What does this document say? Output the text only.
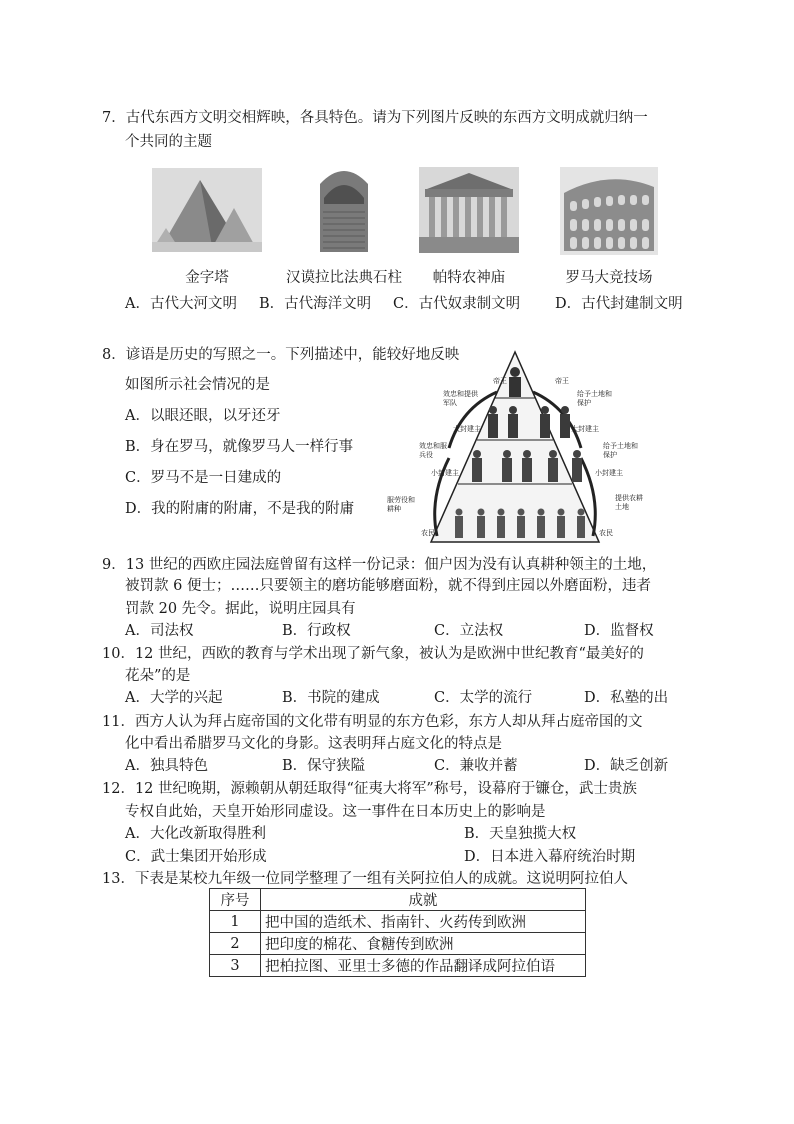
7．古代东西方文明交相辉映，各具特色。请为下列图片反映的东西方文明成就归纳一
个共同的主题
金字塔	汉谟拉比法典石柱	帕特农神庙	罗马大竞技场
A．古代大河文明 B．古代海洋文明 C．古代奴隶制文明 D．古代封建制文明
8．谚语是历史的写照之一。下列描述中，能较好地反映
如图所示社会情况的是
A．以眼还眼，以牙还牙
B．身在罗马，就像罗马人一样行事
C．罗马不是一日建成的
D．我的附庸的附庸，不是我的附庸
帝王	帝王
大封建主	大封建主
小封建主	小封建主
农民	农民
效忠和提供军队
效忠和服兵役
服劳役和耕种
给予土地和保护
给予土地和保护
提供农耕土地
9．13 世纪的西欧庄园法庭曾留有这样一份记录：佃户因为没有认真耕种领主的土地，
被罚款 6 便士；……只要领主的磨坊能够磨面粉，就不得到庄园以外磨面粉，违者
罚款 20 先令。据此，说明庄园具有
A．司法权	B．行政权	C．立法权	D．监督权
10．12 世纪，西欧的教育与学术出现了新气象，被认为是欧洲中世纪教育“最美好的
花朵”的是
A．大学的兴起	B．书院的建成	C．太学的流行	D．私塾的出
11．西方人认为拜占庭帝国的文化带有明显的东方色彩，东方人却从拜占庭帝国的文
化中看出希腊罗马文化的身影。这表明拜占庭文化的特点是
A．独具特色	B．保守狭隘	C．兼收并蓄	D．缺乏创新
12．12 世纪晚期，源赖朝从朝廷取得“征夷大将军”称号，设幕府于镰仓，武士贵族
专权自此始，天皇开始形同虚设。这一事件在日本历史上的影响是
A．大化改新取得胜利	B．天皇独揽大权
C．武士集团开始形成	D．日本进入幕府统治时期
13．下表是某校九年级一位同学整理了一组有关阿拉伯人的成就。这说明阿拉伯人
序号	成就
1	把中国的造纸术、指南针、火药传到欧洲
2	把印度的棉花、食糖传到欧洲
3	把柏拉图、亚里士多德的作品翻译成阿拉伯语
